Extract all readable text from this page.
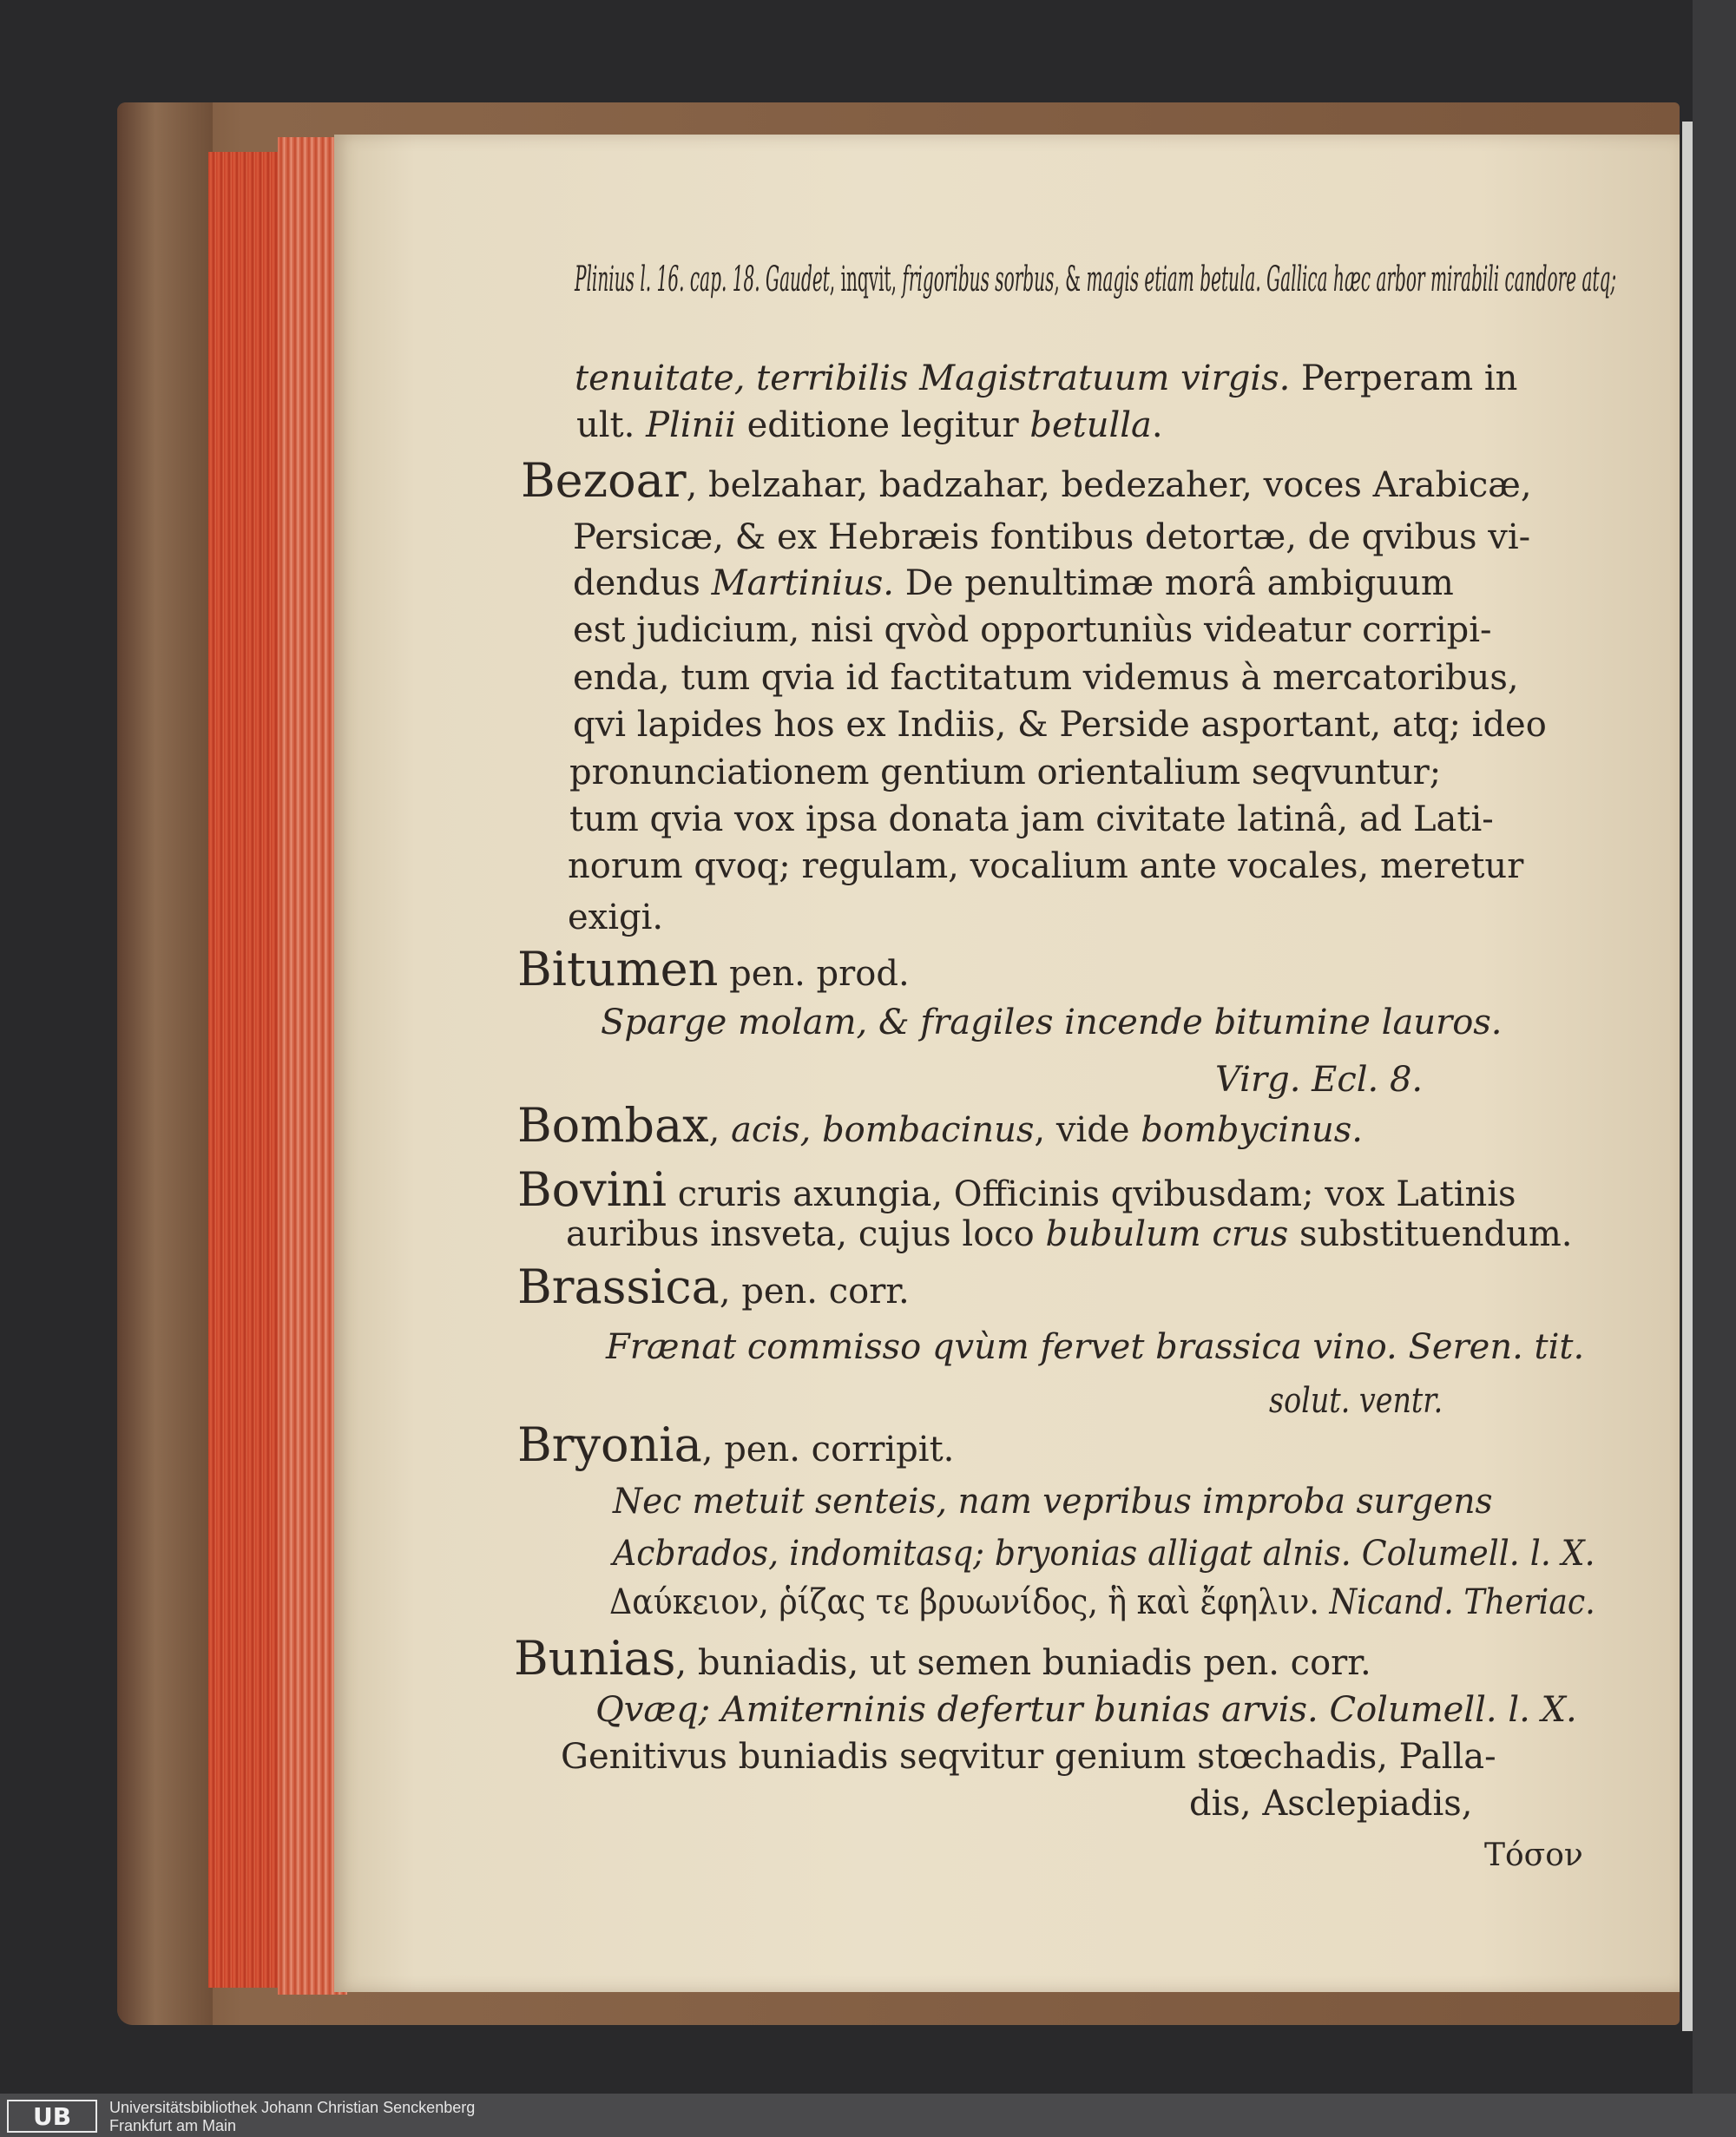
Plinius l. 16. cap. 18. Gaudet, inqvit, frigoribus sorbus, & magis etiam betula. Gallica hæc arbor mirabili candore atq;
tenuitate, terribilis Magistratuum virgis. Perperam in
ult. Plinii editione legitur betulla.
Bezoar, belzahar, badzahar, bedezaher, voces Arabicæ,
Persicæ, & ex Hebræis fontibus detortæ, de qvibus vi-
dendus Martinius. De penultimæ morâ ambiguum
est judicium, nisi qvòd opportuniùs videatur corripi-
enda, tum qvia id factitatum videmus à mercatoribus,
qvi lapides hos ex Indiis, & Perside asportant, atq; ideo
pronunciationem gentium orientalium seqvuntur;
tum qvia vox ipsa donata jam civitate latinâ, ad Lati-
norum qvoq; regulam, vocalium ante vocales, meretur
exigi.
Bitumen pen. prod.
Sparge molam, & fragiles incende bitumine lauros.
Virg. Ecl. 8.
Bombax, acis, bombacinus, vide bombycinus.
Bovini cruris axungia, Officinis qvibusdam; vox Latinis
auribus insveta, cujus loco bubulum crus substituendum.
Brassica, pen. corr.
Frænat commisso qvùm fervet brassica vino. Seren. tit.
solut. ventr.
Bryonia, pen. corripit.
Nec metuit senteis, nam vepribus improba surgens
Acbrados, indomitasq; bryonias alligat alnis. Columell. l. X.
Δαύκειον, ῥίζας τε βρυωνίδος, ἣ καὶ ἔφηλιν. Nicand. Theriac.
Bunias, buniadis, ut semen buniadis pen. corr.
Qvæq; Amiterninis defertur bunias arvis. Columell. l. X.
Genitivus buniadis seqvitur genium stœchadis, Palla-
dis, Asclepiadis,
Τόσον
UB	Universitätsbibliothek Johann Christian Senckenberg
Frankfurt am Main
